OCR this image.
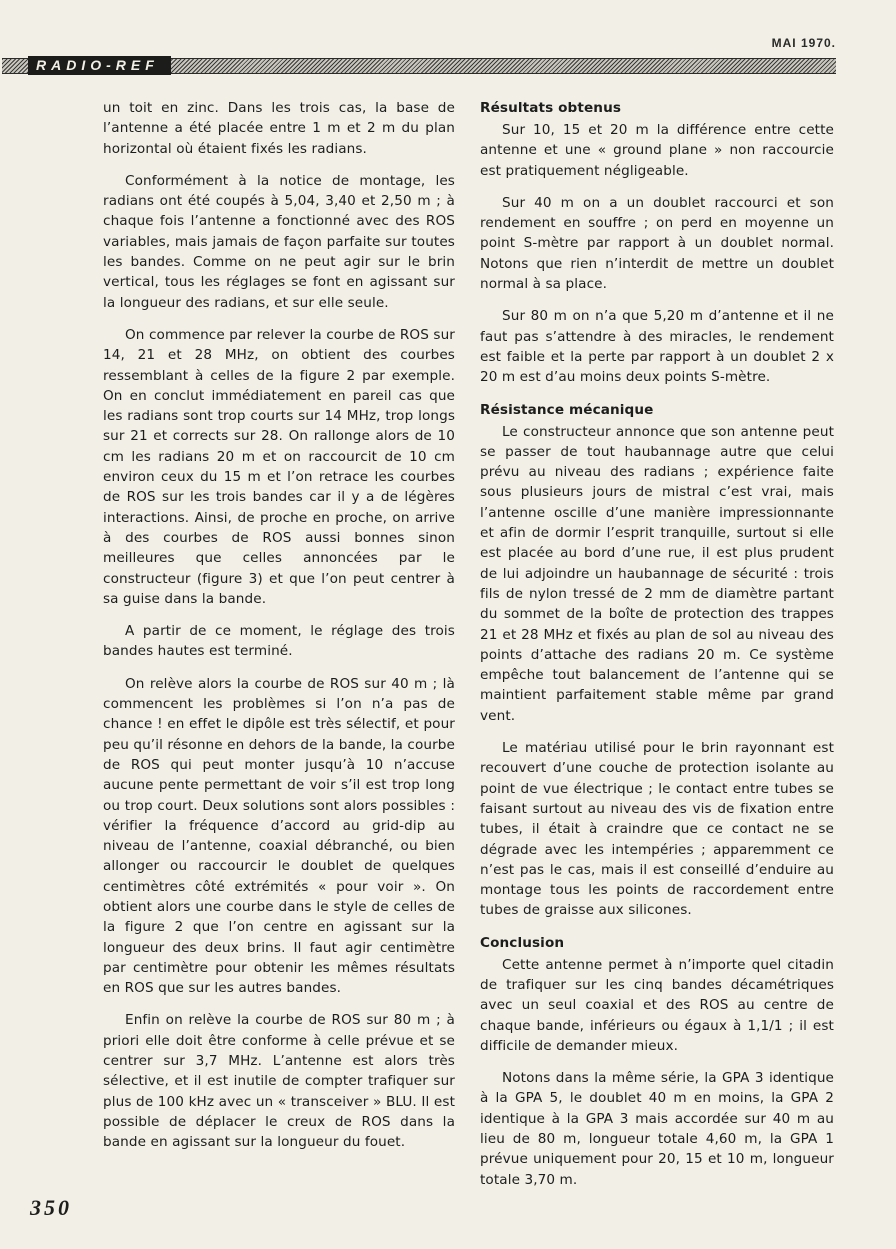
MAI 1970.
RADIO-REF

un toit en zinc. Dans les trois cas, la base de l’antenne a été placée entre 1 m et 2 m du plan horizontal où étaient fixés les radians.

Conformément à la notice de montage, les radians ont été coupés à 5,04, 3,40 et 2,50 m ; à chaque fois l’antenne a fonctionné avec des ROS variables, mais jamais de façon parfaite sur toutes les bandes. Comme on ne peut agir sur le brin vertical, tous les réglages se font en agissant sur la longueur des radians, et sur elle seule.

On commence par relever la courbe de ROS sur 14, 21 et 28 MHz, on obtient des courbes ressemblant à celles de la figure 2 par exemple. On en conclut immédiatement en pareil cas que les radians sont trop courts sur 14 MHz, trop longs sur 21 et corrects sur 28. On rallonge alors de 10 cm les radians 20 m et on raccourcit de 10 cm environ ceux du 15 m et l’on retrace les courbes de ROS sur les trois bandes car il y a de légères interactions. Ainsi, de proche en proche, on arrive à des courbes de ROS aussi bonnes sinon meilleures que celles annoncées par le constructeur (figure 3) et que l’on peut centrer à sa guise dans la bande.

A partir de ce moment, le réglage des trois bandes hautes est terminé.

On relève alors la courbe de ROS sur 40 m ; là commencent les problèmes si l’on n’a pas de chance ! en effet le dipôle est très sélectif, et pour peu qu’il résonne en dehors de la bande, la courbe de ROS qui peut monter jusqu’à 10 n’accuse aucune pente permettant de voir s’il est trop long ou trop court. Deux solutions sont alors possibles : vérifier la fréquence d’accord au grid-dip au niveau de l’antenne, coaxial débranché, ou bien allonger ou raccourcir le doublet de quelques centimètres côté extrémités « pour voir ». On obtient alors une courbe dans le style de celles de la figure 2 que l’on centre en agissant sur la longueur des deux brins. Il faut agir centimètre par centimètre pour obtenir les mêmes résultats en ROS que sur les autres bandes.

Enfin on relève la courbe de ROS sur 80 m ; à priori elle doit être conforme à celle prévue et se centrer sur 3,7 MHz. L’antenne est alors très sélective, et il est inutile de compter trafiquer sur plus de 100 kHz avec un « transceiver » BLU. Il est possible de déplacer le creux de ROS dans la bande en agissant sur la longueur du fouet.

Résultats obtenus

Sur 10, 15 et 20 m la différence entre cette antenne et une « ground plane » non raccourcie est pratiquement négligeable.

Sur 40 m on a un doublet raccourci et son rendement en souffre ; on perd en moyenne un point S-mètre par rapport à un doublet normal. Notons que rien n’interdit de mettre un doublet normal à sa place.

Sur 80 m on n’a que 5,20 m d’antenne et il ne faut pas s’attendre à des miracles, le rendement est faible et la perte par rapport à un doublet 2 x 20 m est d’au moins deux points S-mètre.

Résistance mécanique

Le constructeur annonce que son antenne peut se passer de tout haubannage autre que celui prévu au niveau des radians ; expérience faite sous plusieurs jours de mistral c’est vrai, mais l’antenne oscille d’une manière impressionnante et afin de dormir l’esprit tranquille, surtout si elle est placée au bord d’une rue, il est plus prudent de lui adjoindre un haubannage de sécurité : trois fils de nylon tressé de 2 mm de diamètre partant du sommet de la boîte de protection des trappes 21 et 28 MHz et fixés au plan de sol au niveau des points d’attache des radians 20 m. Ce système empêche tout balancement de l’antenne qui se maintient parfaitement stable même par grand vent.

Le matériau utilisé pour le brin rayonnant est recouvert d’une couche de protection isolante au point de vue électrique ; le contact entre tubes se faisant surtout au niveau des vis de fixation entre tubes, il était à craindre que ce contact ne se dégrade avec les intempéries ; apparemment ce n’est pas le cas, mais il est conseillé d’enduire au montage tous les points de raccordement entre tubes de graisse aux silicones.

Conclusion

Cette antenne permet à n’importe quel citadin de trafiquer sur les cinq bandes décamétriques avec un seul coaxial et des ROS au centre de chaque bande, inférieurs ou égaux à 1,1/1 ; il est difficile de demander mieux.

Notons dans la même série, la GPA 3 identique à la GPA 5, le doublet 40 m en moins, la GPA 2 identique à la GPA 3 mais accordée sur 40 m au lieu de 80 m, longueur totale 4,60 m, la GPA 1 prévue uniquement pour 20, 15 et 10 m, longueur totale 3,70 m.

350
